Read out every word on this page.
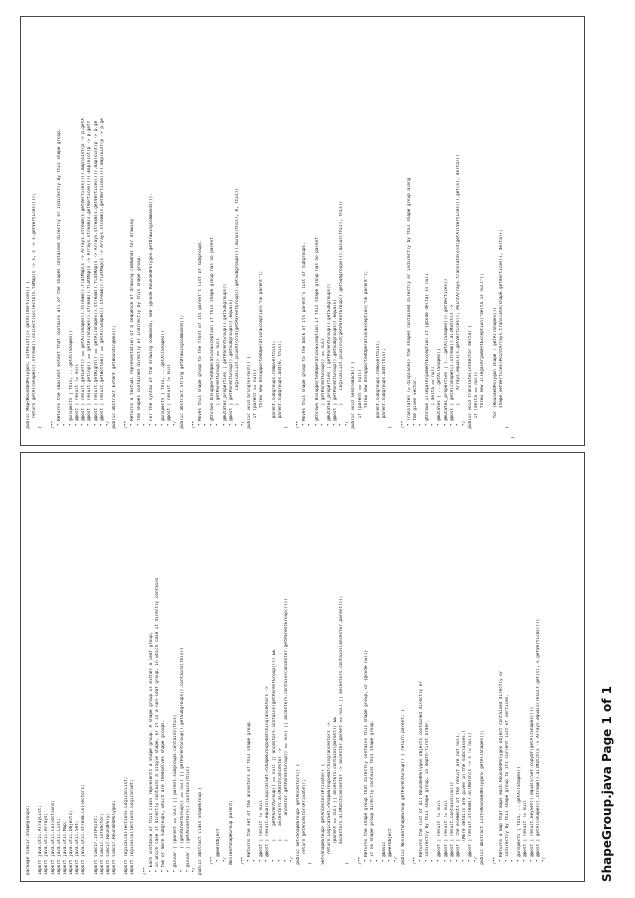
ShapeGroup.java Page 1 of 1
package simcir.shapegroups; import java.util.ArrayList; import java.util.Arrays; import java.util.Collections; import java.util.List; import java.util.Map; import java.util.Objects; import java.util.Set; import java.util.stream.Collectors; import simcir.IntPoint; import simcir.IntVector; import simcir.RoundPoly; import simcir.RoundedPolygon; import logicalcollections.LogicalList; import logicalcollections.LogicalSet; /** * Each instance of this class represents a shape group. A shape group is either a leaf group, * in which case it directly contains a single shape, or it is a non-leaf group, in which case it directly contains * two or more subgroups, which are themselves shape groups. * * @invar | (parent == null || parent.subgroups.contains(this) *        | (getParentGroup() == null || getParentGroup().getSubgroups().contains(this)) * @invar | (getAncestors().contains(this) */ public abstract class ShapeGroup { /** * @peerObject */ NonleafShapeGroup parent; /** * Returns the set of the ancestors of this shape group. * * @post | result != null * @post | result.equals(LogicalSet.<ShapeGroup>matching(ancestors -> *       |     getParentGroup() == null || ancestors.contains(getParentGroup())) && *       |     ancestors.allMatch(ancestor -> *       |         ancestor.getParentGroup() == null || ancestors.contains(ancestor.getParentGroup()))) */ public Set<ShapeGroup> getAncestors() { return getAncestorsPrivate(); } Set<ShapeGroup> getAncestorsPrivate() { return LogicalSet.<ShapeGroup>matching(ancestors -> (parent == null || ancestors.contains(parent)) && ancestors.allMatch(ancestor -> ancestor.parent == null || ancestors.contains(ancestor.parent))); } /** * Returns the shape group that directly contains this shape group, or {@code null} * if no shape group directly contains this shape group. * * @basic * @peerObject */ public NonleafShapeGroup getParentGroup() { return parent; } /** * Returns the list of all RoundedPolygon objects contained directly or * indirectly by this shape group, in depth-first order. * * @post | result != null * @post | result != null * @post | result.contains(null) * @post | The elements of the result are not null. *       (More details are given in the subclasses.) * @post | result.stream().allMatch(s -> s != null) */ public abstract List<RoundedPolygon> getAllShapes(); /** * Returns a map that maps each RoundedPolygon object contained directly or * indirectly by this shape group to its current list of vertices. * * @inspects | this, ...getAllShapes() * @post | result != null * @post | result.keySet().equals(Set.copyOf(getAllShapes())) * @post | getAllShapes().stream().allMatch(s -> Arrays.equals(result.get(s), s.getVertices())) */
public Map<RoundedPolygon, IntPoint[]> getAllVertices() { return getAllShapes().stream().collect(Collectors.toMap(s -> s, s -> s.getVertices())); } /** * Returns the smallest extent that contains all of the shapes contained directly or indirectly by this shape group. * * @inspects | this, ...getAllShapes() * @post | result != null * @post | result.getLeft() == getAllShapes().stream().flatMap(s -> Arrays.stream(s.getVertices())).mapToInt(p -> p.getX * @post | result.getTop() == getAllShapes().stream().flatMap(s -> Arrays.stream(s.getVertices())).mapToInt(p -> p.getY * @post | result.getRight() == getAllShapes().stream().flatMap(s -> Arrays.stream(s.getVertices())).mapToInt(p -> p.ge * @post | result.getBottom() == getAllShapes().stream().flatMap(s -> Arrays.stream(s.getVertices())).mapToInt(p -> p.ge */ public abstract Extent getBoundingBox(); /** * Returns a textual representation of a sequence of drawing commands for drawing * the shapes contained directly or indirectly by this shape group. * * For the syntax of the drawing commands, see {@code RoundedPolygon.getDrawingCommands()}. * * @inspects | this, ...getAllShapes() * @post | result != null */ public abstract String getDrawingCommands(); /** * Moves this shape group to the front of its parent's list of subgroups. * * @throws UnsupportedOperationException if this shape group has no parent *       | getParentGroup() == null * @mutates_properties | getParentGroup().getSubgroups() * @post | getParentGroup().getSubgroups().equals( *       |     LogicalList.plusAt(old(getParentGroup().getSubgroups()).minus(this), 0, this)) */ public void bringToFront() { if (parent == null) throw new UnsupportedOperationException("no parent"); parent.subgroups.remove(this); parent.subgroups.add(0, this); } /** * Moves this shape group to the back of its parent's list of subgroups. * * @throws UnsupportedOperationException if this shape group has no parent *       | getParentGroup() == null * @mutates_properties | getParentGroup().getSubgroups() * @post | getParentGroup().getSubgroups().equals( *       |     LogicalList.plus(old(getParentGroup().getSubgroups()).minus(this), this)) */ public void sendToBack() { if (parent == null) throw new UnsupportedOperationException("no parent"); parent.subgroups.remove(this); parent.subgroups.add(this); } /** * Translates (= displaces) the shapes contained directly or indirectly by this shape group along * the given vector. * * @throws IllegalArgumentException if {@code delta} is null *       | delta == null * @mutates | ...getAllShapes() * @mutates_properties | (...getAllShapes()).getVertices() * @post | getAllShapes().stream().allMatch(s -> *       |     Arrays.equals(s.getVertices(), PointArrays.translate(old(getAllVertices()).get(s), delta))) */ public void translate(IntVector delta) { if (delta == null) throw new IllegalArgumentException("delta is null"); for (RoundedPolygon shape : getAllShapes()) shape.setVertices(PointArrays.translate(shape.getVertices(), delta)); } }
